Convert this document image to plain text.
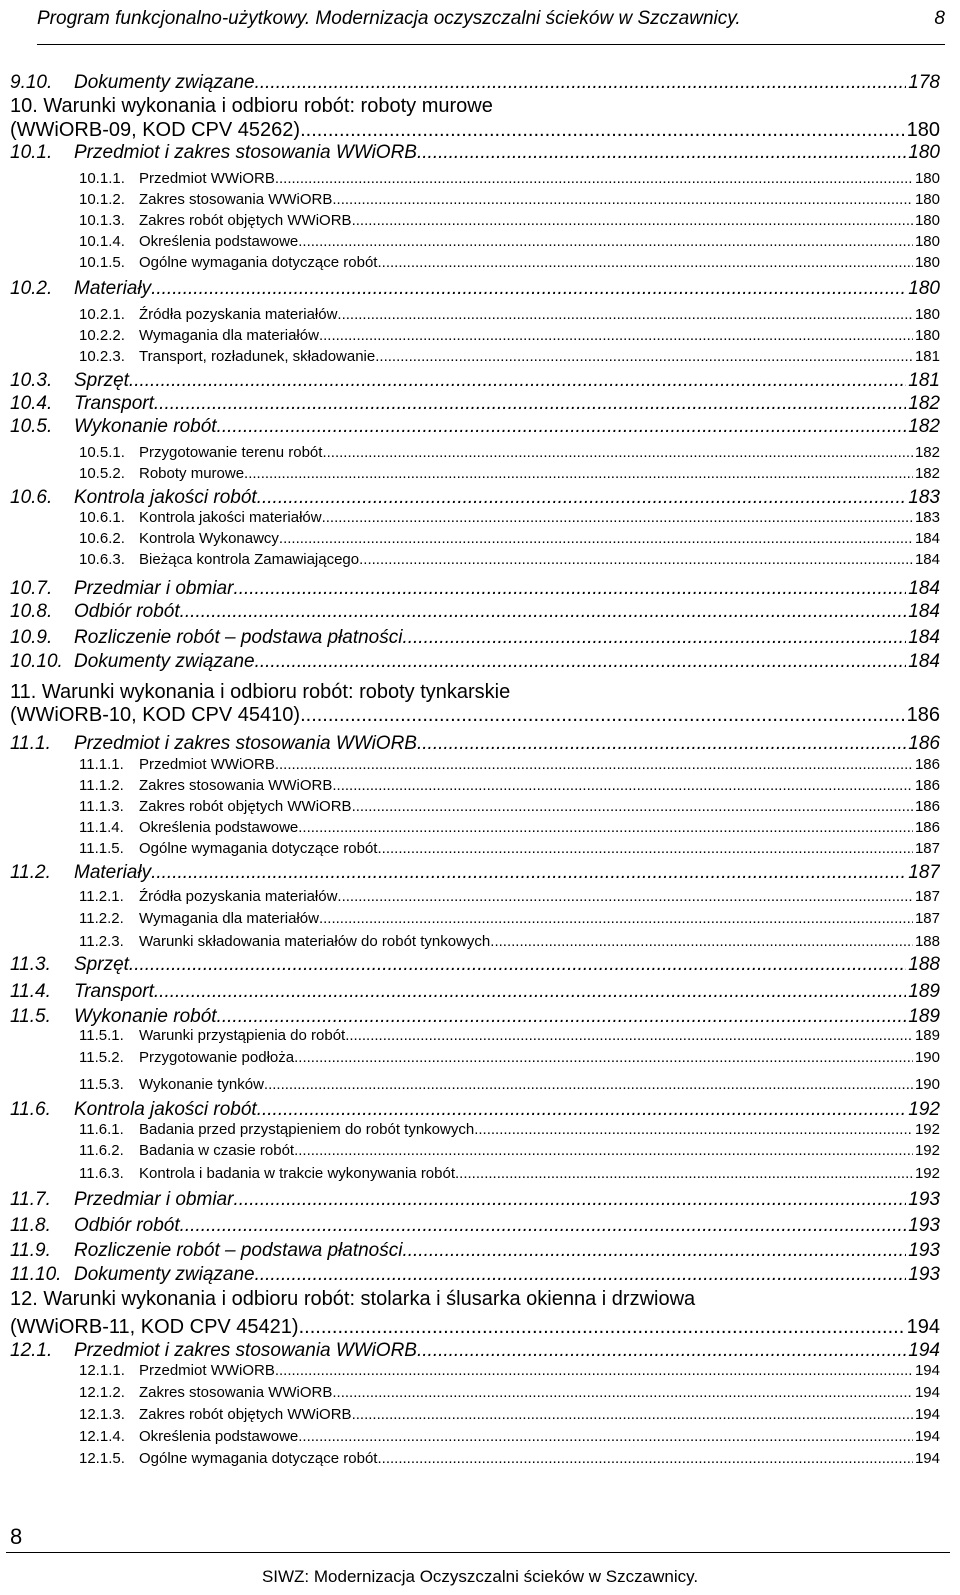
Program funkcjonalno-użytkowy. Modernizacja oczyszczalni ścieków w Szczawnicy.	8
9.10.	Dokumenty związane .....	178
10. Warunki wykonania i odbioru robót: roboty murowe
(WWiORB-09, KOD CPV 45262) .....	180
10.1.	Przedmiot i zakres stosowania WWiORB .....	180
10.1.1. Przedmiot WWiORB .....	180
10.1.2. Zakres stosowania WWiORB .....	180
10.1.3. Zakres robót objętych WWiORB .....	180
10.1.4. Określenia podstawowe .....	180
10.1.5. Ogólne wymagania dotyczące robót .....	180
10.2.	Materiały .....	180
10.2.1. Źródła pozyskania materiałów .....	180
10.2.2. Wymagania dla materiałów .....	180
10.2.3. Transport, rozładunek, składowanie .....	181
10.3.	Sprzęt .....	181
10.4.	Transport .....	182
10.5.	Wykonanie robót .....	182
10.5.1. Przygotowanie terenu robót .....	182
10.5.2. Roboty murowe .....	182
10.6.	Kontrola jakości robót .....	183
10.6.1. Kontrola jakości materiałów .....	183
10.6.2. Kontrola Wykonawcy .....	184
10.6.3. Bieżąca kontrola Zamawiającego .....	184
10.7.	Przedmiar i obmiar .....	184
10.8.	Odbiór robót .....	184
10.9.	Rozliczenie robót – podstawa płatności .....	184
10.10. Dokumenty związane .....	184
11. Warunki wykonania i odbioru robót: roboty tynkarskie
(WWiORB-10, KOD CPV 45410) .....	186
11.1.	Przedmiot i zakres stosowania WWiORB .....	186
11.1.1.	Przedmiot WWiORB .....	186
11.1.2.	Zakres stosowania WWiORB .....	186
11.1.3.	Zakres robót objętych WWiORB .....	186
11.1.4.	Określenia podstawowe .....	186
11.1.5.	Ogólne wymagania dotyczące robót .....	187
11.2.	Materiały .....	187
11.2.1.	Źródła pozyskania materiałów .....	187
11.2.2.	Wymagania dla materiałów .....	187
11.2.3.	Warunki składowania materiałów do robót tynkowych .....	188
11.3.	Sprzęt .....	188
11.4.	Transport .....	189
11.5.	Wykonanie robót .....	189
11.5.1.	Warunki przystąpienia do robót .....	189
11.5.2.	Przygotowanie podłoża .....	190
11.5.3.	Wykonanie tynków .....	190
11.6.	Kontrola jakości robót .....	192
11.6.1.	Badania przed przystąpieniem do robót tynkowych .....	192
11.6.2.	Badania w czasie robót .....	192
11.6.3.	Kontrola i badania w trakcie wykonywania robót .....	192
11.7.	Przedmiar i obmiar .....	193
11.8.	Odbiór robót .....	193
11.9.	Rozliczenie robót – podstawa płatności .....	193
11.10. Dokumenty związane .....	193
12. Warunki wykonania i odbioru robót: stolarka i ślusarka okienna i drzwiowa
(WWiORB-11, KOD CPV 45421) .....	194
12.1.	Przedmiot i zakres stosowania WWiORB .....	194
12.1.1. Przedmiot WWiORB .....	194
12.1.2. Zakres stosowania WWiORB .....	194
12.1.3. Zakres robót objętych WWiORB .....	194
12.1.4. Określenia podstawowe .....	194
12.1.5. Ogólne wymagania dotyczące robót .....	194
8
SIWZ: Modernizacja Oczyszczalni ścieków w Szczawnicy.
